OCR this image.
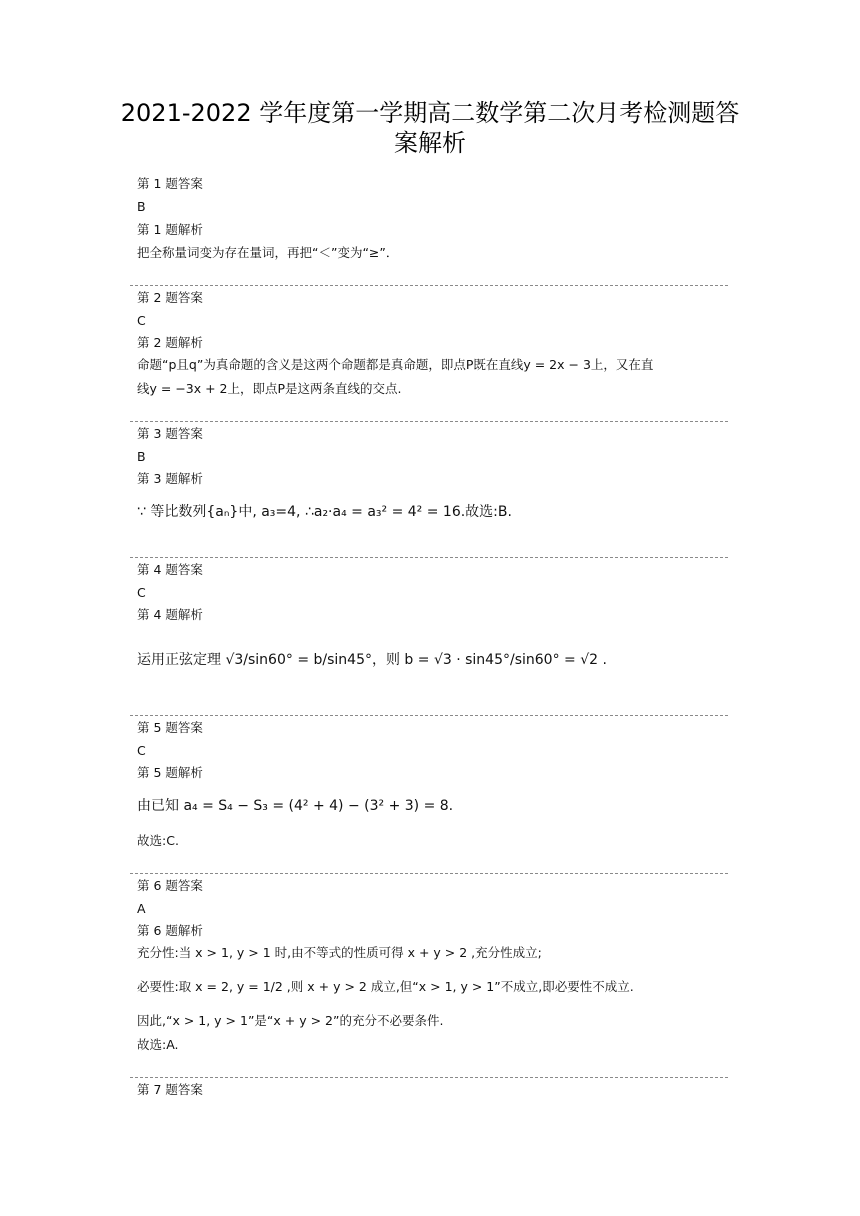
2021-2022 学年度第一学期高二数学第二次月考检测题答案解析
第 1 题答案
B
第 1 题解析
把全称量词变为存在量词，再把“＜”变为“≥”．
第 2 题答案
C
第 2 题解析
命题“p且q”为真命题的含义是这两个命题都是真命题，即点P既在直线y = 2x − 3上，又在直
线y = −3x + 2上，即点P是这两条直线的交点.
第 3 题答案
B
第 3 题解析
∵ 等比数列{aₙ}中, a₃=4, ∴a₂·a₄ = a₃² = 4² = 16.故选:B.
第 4 题答案
C
第 4 题解析
运用正弦定理 √3/sin60° = b/sin45°，则 b = √3 · sin45°/sin60° = √2 .
第 5 题答案
C
第 5 题解析
由已知 a₄ = S₄ − S₃ = (4² + 4) − (3² + 3) = 8.
故选:C.
第 6 题答案
A
第 6 题解析
充分性:当 x > 1, y > 1 时,由不等式的性质可得 x + y > 2 ,充分性成立;
必要性:取 x = 2, y = 1/2 ,则 x + y > 2 成立,但“x > 1, y > 1”不成立,即必要性不成立.
因此,“x > 1, y > 1”是“x + y > 2”的充分不必要条件.
故选:A.
第 7 题答案
